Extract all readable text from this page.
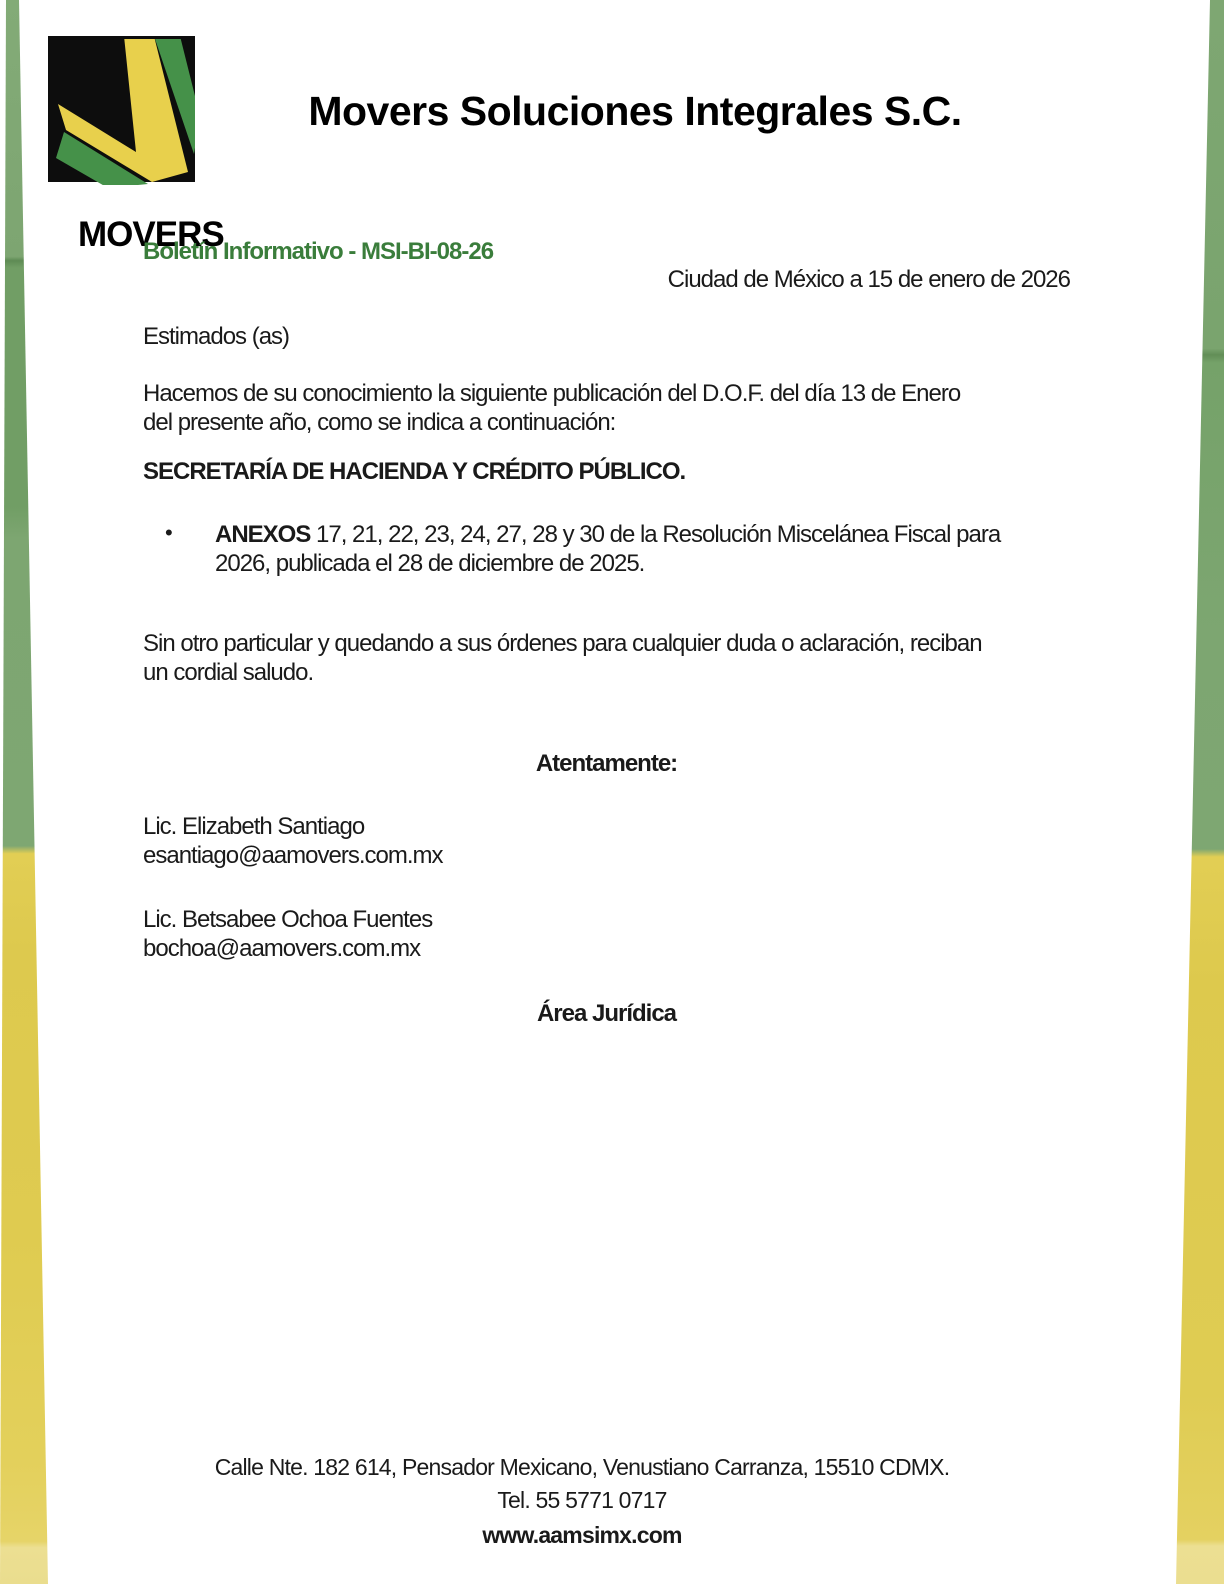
MOVERS
Movers Soluciones Integrales S.C.
Boletín Informativo - MSI-BI-08-26
Ciudad de México a 15 de enero de 2026
Estimados (as)
Hacemos de su conocimiento la siguiente publicación del D.O.F. del día 13 de Enero
del presente año, como se indica a continuación:
SECRETARÍA DE HACIENDA Y CRÉDITO PÚBLICO.
• ANEXOS 17, 21, 22, 23, 24, 27, 28 y 30 de la Resolución Miscelánea Fiscal para
2026, publicada el 28 de diciembre de 2025.
Sin otro particular y quedando a sus órdenes para cualquier duda o aclaración, reciban
un cordial saludo.
Atentamente:
Lic. Elizabeth Santiago
esantiago@aamovers.com.mx
Lic. Betsabee Ochoa Fuentes
bochoa@aamovers.com.mx
Área Jurídica
Calle Nte. 182 614, Pensador Mexicano, Venustiano Carranza, 15510 CDMX.
Tel. 55 5771 0717
www.aamsimx.com
